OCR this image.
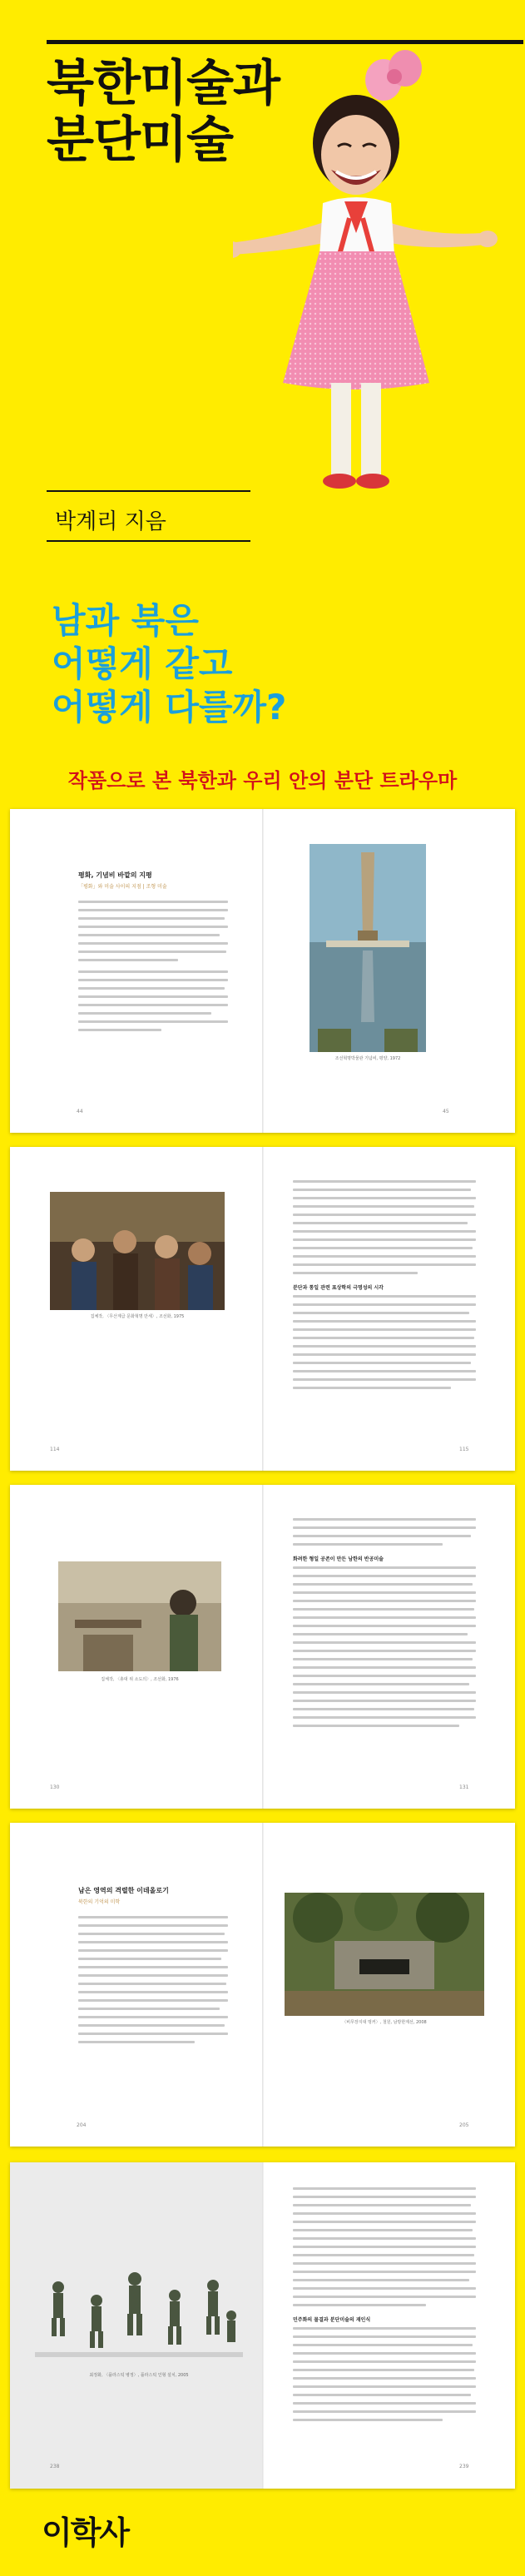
북한미술과
분단미술
박계리 지음
남과 북은
어떻게 같고
어떻게 다를까?
작품으로 본 북한과 우리 안의 분단 트라우마
평화, 기념비 바깥의 지평
「평화」와 미술 사이의 지점 | 조형 미술
44
조선혁명박물관 기념비, 평양, 1972
45
집체작, 〈무산계급 문화혁명 만세〉, 조선화, 1975
114
분단과 통일 관련 표상학의 극명성의 시각
115
집체작, 〈총대 위 소도의〉, 조선화, 1976
130
화려한 형일 공존이 만든 남한의 반공미술
131
남은 영역의 격렬한 이데올로기
북한의 기억의 미학
204
〈비무장지대 벙커〉, 철원, 남방한계선, 2008
205
최정화, 〈플라스틱 병정〉, 플라스틱 인형 설치, 2005
238
민주화의 물결과 분단미술의 재인식
239
이학사
